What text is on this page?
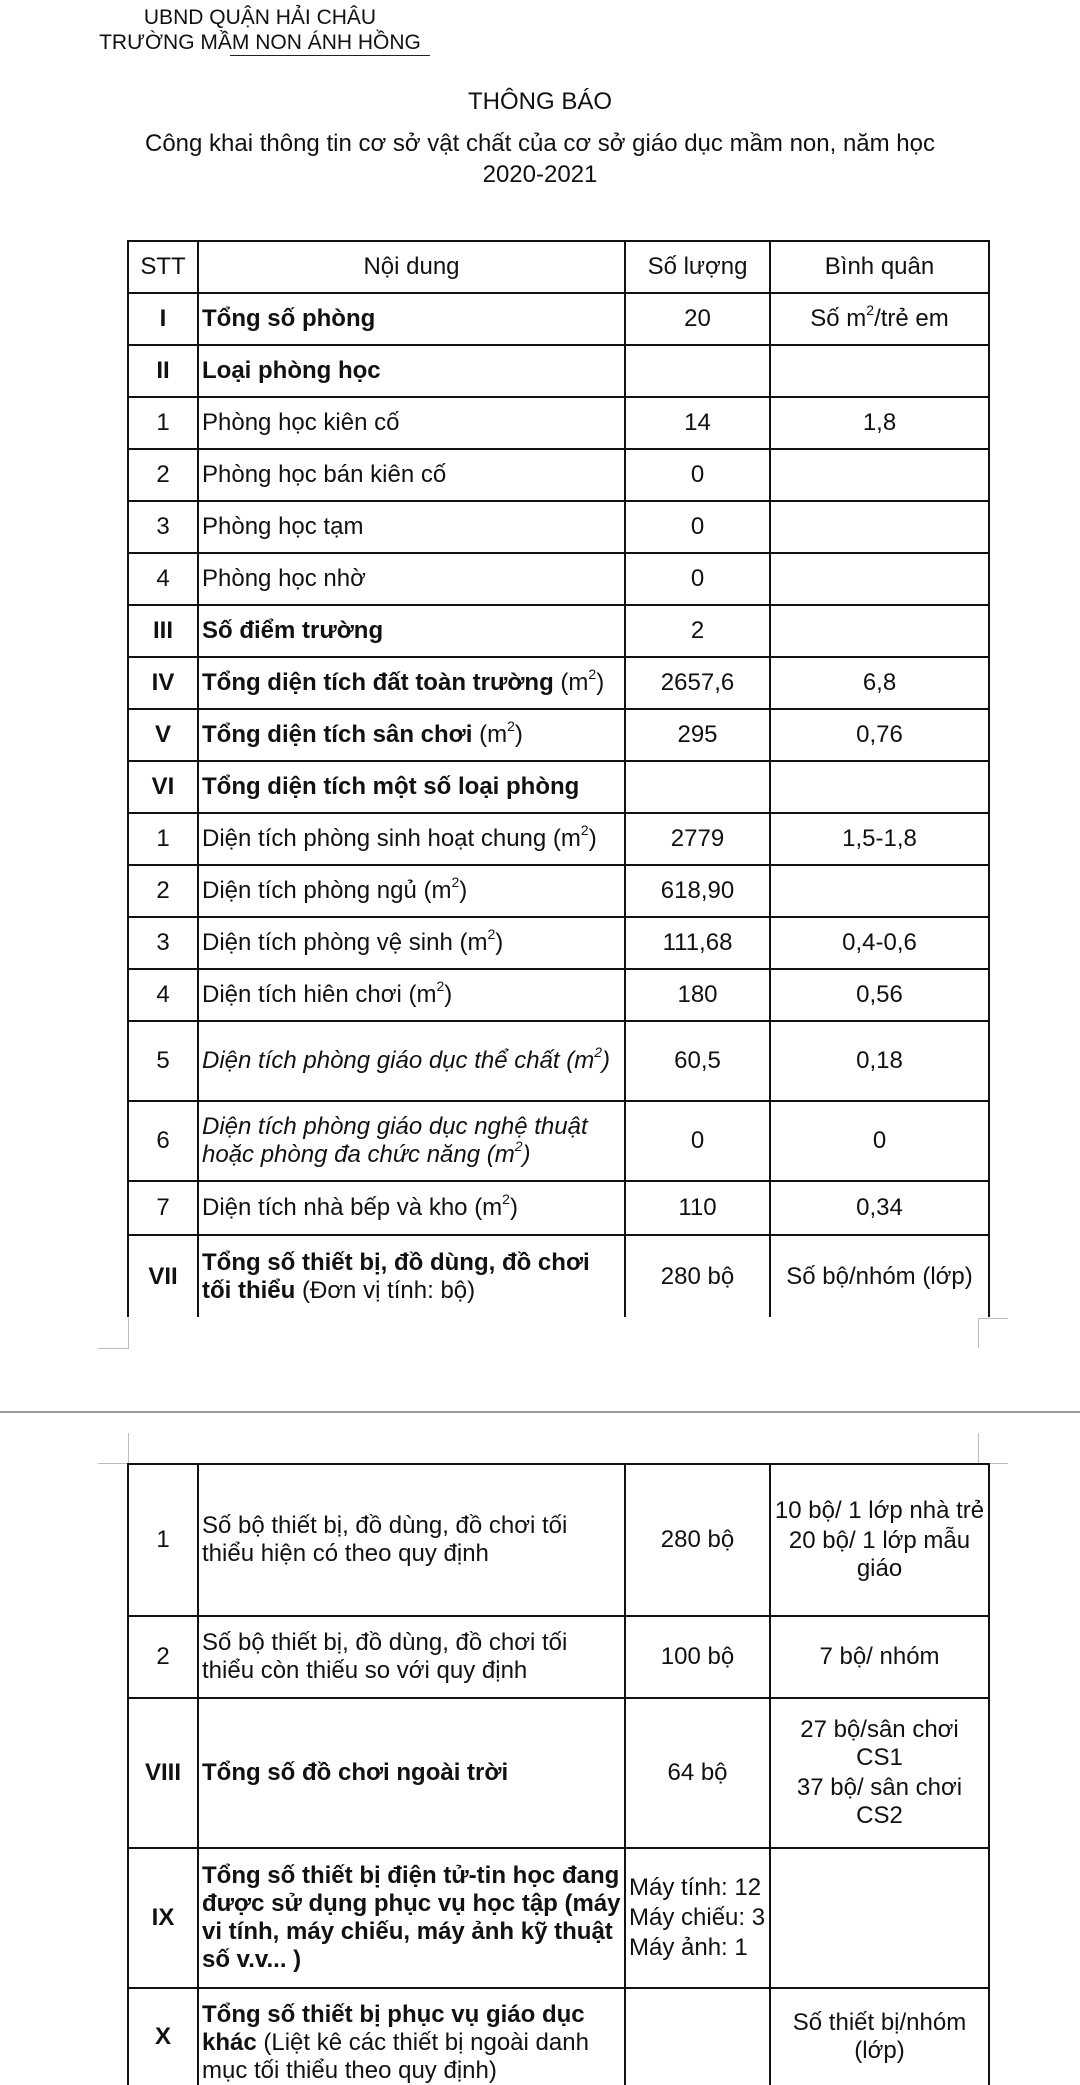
UBND QUẬN HẢI CHÂU
TRƯỜNG MẦM NON ÁNH HỒNG
THÔNG BÁO
Công khai thông tin cơ sở vật chất của cơ sở giáo dục mầm non, năm học 2020-2021
STT	Nội dung	Số lượng	Bình quân
I	Tổng số phòng	20	Số $m^2$/trẻ em
II	Loại phòng học		
1	Phòng học kiên cố	14	1,8
2	Phòng học bán kiên cố	0	
3	Phòng học tạm	0	
4	Phòng học nhờ	0	
III	Số điểm trường	2	
IV	Tổng diện tích đất toàn trường $(m^2)$	2657,6	6,8
V	Tổng diện tích sân chơi $(m^2)$	295	0,76
VI	Tổng diện tích một số loại phòng		
1	Diện tích phòng sinh hoạt chung $(m^2)$	2779	1,5-1,8
2	Diện tích phòng ngủ $(m^2)$	618,90	
3	Diện tích phòng vệ $\sinh (m^2)$	111,68	0,4-0,6
4	Diện tích hiên chơi $(m^2)$	180	0,56
5	Diện tích phòng giáo dục thể chất $(m^2)$	60,5	0,18
6	Diện tích phòng giáo dục nghệ thuật hoặc phòng đa chức năng $(m^2)$	0	0
7	Diện tích nhà bếp và kho $(m^2)$	110	0,34
VII	Tổng số thiết bị, đồ dùng, đồ chơi tối thiểu (Đơn vị tính: bộ)	280 bộ	Số bộ/nhóm (lớp)
1	Số bộ thiết bị, đồ dùng, đồ chơi tối thiểu hiện có theo quy định	280 bộ	10 bộ/ 1 lớp nhà trẻ
20 bộ/ 1 lớp mẫu giáo

2	Số bộ thiết bị, đồ dùng, đồ chơi tối thiểu còn thiếu so với quy định	100 bộ	7 bộ/ nhóm
VIII	Tổng số đồ chơi ngoài trời	64 bộ	27 bộ/sân chơi CS1
37 bộ/ sân chơi CS2

IX	Tổng số thiết bị điện tử-tin học đang được sử dụng phục vụ học tập (máy vi tính, máy chiếu, máy ảnh kỹ thuật số v.v... )	Máy tính: 12
Máy chiếu: 3
Máy ảnh: 1	

X	Tổng số thiết bị phục vụ giáo dục khác (Liệt kê các thiết bị ngoài danh mục tối thiểu theo quy định)		Số thiết bị/nhóm (lớp)
